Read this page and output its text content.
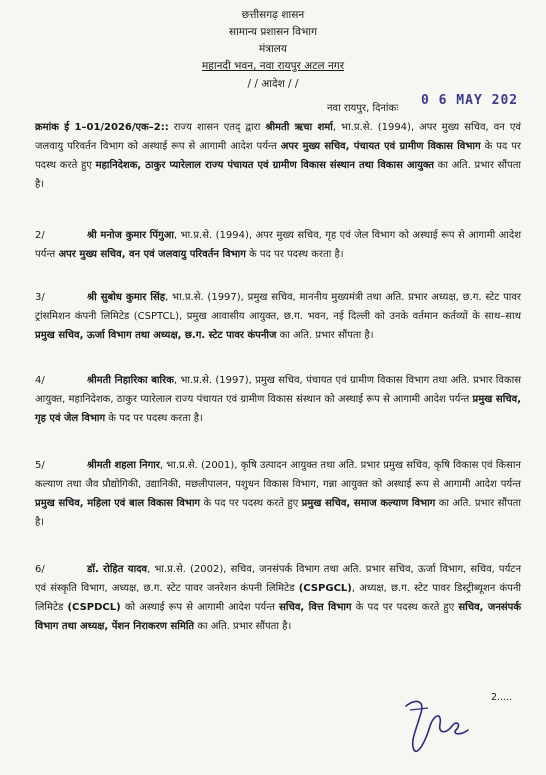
छत्तीसगढ़ शासन
सामान्य प्रशासन विभाग
मंत्रालय
महानदी भवन, नवा रायपुर अटल नगर
/ / आदेश / /
नवा रायपुर, दिनांकः
0 6 MAY 202
क्रमांक ई 1–01/2026/एक–2:: राज्य शासन एतद् द्वारा श्रीमती ऋचा शर्मा, भा.प्र.से. (1994), अपर मुख्य सचिव, वन एवं जलवायु परिवर्तन विभाग को अस्थाई रूप से आगामी आदेश पर्यन्त अपर मुख्य सचिव, पंचायत एवं ग्रामीण विकास विभाग के पद पर पदस्थ करते हुए महानिदेशक, ठाकुर प्यारेलाल राज्य पंचायत एवं ग्रामीण विकास संस्थान तथा विकास आयुक्त का अति. प्रभार सौंपता है।
2/	श्री मनोज कुमार पिंगुआ, भा.प्र.से. (1994), अपर मुख्य सचिव, गृह एवं जेल विभाग को अस्थाई रूप से आगामी आदेश पर्यन्त अपर मुख्य सचिव, वन एवं जलवायु परिवर्तन विभाग के पद पर पदस्थ करता है।
3/	श्री सुबोध कुमार सिंह, भा.प्र.से. (1997), प्रमुख सचिव, माननीय मुख्यमंत्री तथा अति. प्रभार अध्यक्ष, छ.ग. स्टेट पावर ट्रांसमिशन कंपनी लिमिटेड (CSPTCL), प्रमुख आवासीय आयुक्त, छ.ग. भवन, नई दिल्ली को उनके वर्तमान कर्तव्यों के साथ–साथ प्रमुख सचिव, ऊर्जा विभाग तथा अध्यक्ष, छ.ग. स्टेट पावर कंपनीज का अति. प्रभार सौंपता है।
4/	श्रीमती निहारिका बारिक, भा.प्र.से. (1997), प्रमुख सचिव, पंचायत एवं ग्रामीण विकास विभाग तथा अति. प्रभार विकास आयुक्त, महानिदेशक, ठाकुर प्यारेलाल राज्य पंचायत एवं ग्रामीण विकास संस्थान को अस्थाई रूप से आगामी आदेश पर्यन्त प्रमुख सचिव, गृह एवं जेल विभाग के पद पर पदस्थ करता है।
5/	श्रीमती शहला निगार, भा.प्र.से. (2001), कृषि उत्पादन आयुक्त तथा अति. प्रभार प्रमुख सचिव, कृषि विकास एवं किसान कल्याण तथा जैव प्रौद्योगिकी, उद्यानिकी, मछलीपालन, पशुधन विकास विभाग, गन्ना आयुक्त को अस्थाई रूप से आगामी आदेश पर्यन्त प्रमुख सचिव, महिला एवं बाल विकास विभाग के पद पर पदस्थ करते हुए प्रमुख सचिव, समाज कल्याण विभाग का अति. प्रभार सौंपता है।
6/	डॉ. रोहित यादव, भा.प्र.से. (2002), सचिव, जनसंपर्क विभाग तथा अति. प्रभार सचिव, ऊर्जा विभाग, सचिव, पर्यटन एवं संस्कृति विभाग, अध्यक्ष, छ.ग. स्टेट पावर जनरेशन कंपनी लिमिटेड (CSPGCL), अध्यक्ष, छ.ग. स्टेट पावर डिस्ट्रीब्यूशन कंपनी लिमिटेड (CSPDCL) को अस्थाई रूप से आगामी आदेश पर्यन्त सचिव, वित्त विभाग के पद पर पदस्थ करते हुए सचिव, जनसंपर्क विभाग तथा अध्यक्ष, पेंशन निराकरण समिति का अति. प्रभार सौंपता है।
2.....
